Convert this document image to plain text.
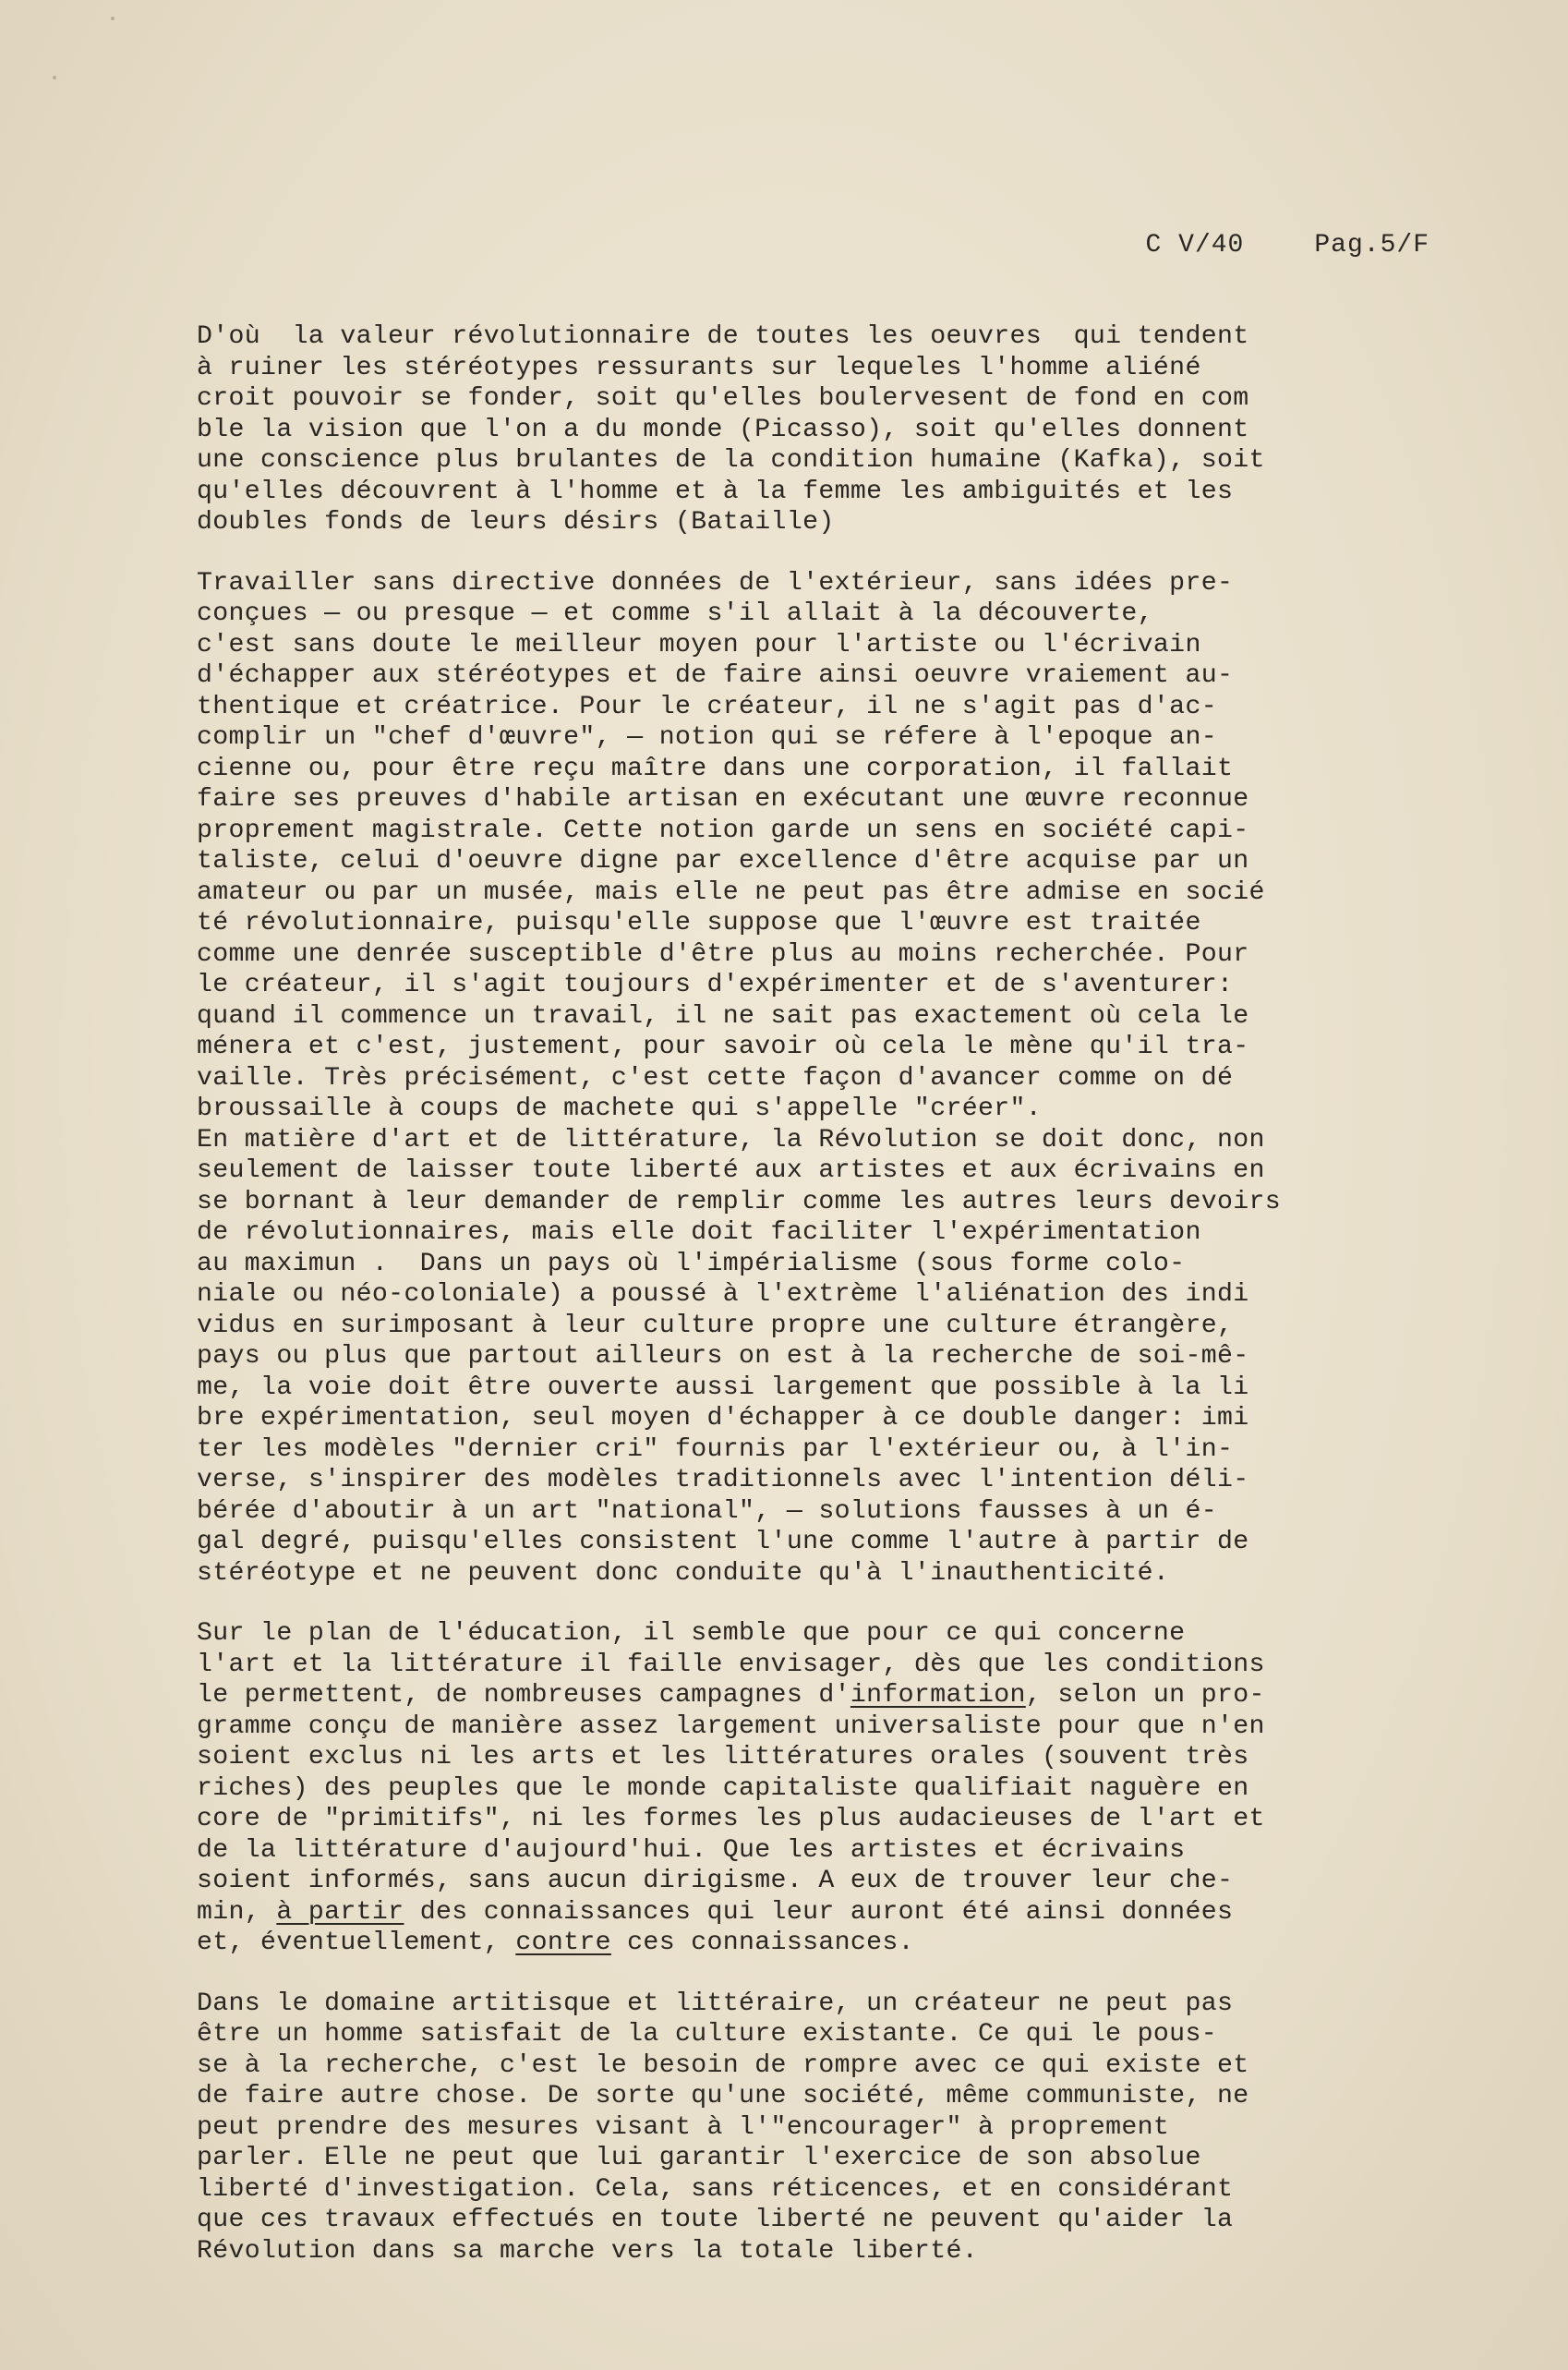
C V/40	Pag.5/F
D'où  la valeur révolutionnaire de toutes les oeuvres  qui tendent
à ruiner les stéréotypes ressurants sur lequeles l'homme aliéné
croit pouvoir se fonder, soit qu'elles boulervesent de fond en com
ble la vision que l'on a du monde (Picasso), soit qu'elles donnent
une conscience plus brulantes de la condition humaine (Kafka), soit
qu'elles découvrent à l'homme et à la femme les ambiguités et les
doubles fonds de leurs désirs (Bataille)
Travailler sans directive données de l'extérieur, sans idées pre-
conçues — ou presque — et comme s'il allait à la découverte,
c'est sans doute le meilleur moyen pour l'artiste ou l'écrivain
d'échapper aux stéréotypes et de faire ainsi oeuvre vraiement au-
thentique et créatrice. Pour le créateur, il ne s'agit pas d'ac-
complir un "chef d'œuvre", — notion qui se réfere à l'epoque an-
cienne ou, pour être reçu maître dans une corporation, il fallait
faire ses preuves d'habile artisan en exécutant une œuvre reconnue
proprement magistrale. Cette notion garde un sens en société capi-
taliste, celui d'oeuvre digne par excellence d'être acquise par un
amateur ou par un musée, mais elle ne peut pas être admise en socié
té révolutionnaire, puisqu'elle suppose que l'œuvre est traitée
comme une denrée susceptible d'être plus au moins recherchée. Pour
le créateur, il s'agit toujours d'expérimenter et de s'aventurer:
quand il commence un travail, il ne sait pas exactement où cela le
ménera et c'est, justement, pour savoir où cela le mène qu'il tra-
vaille. Très précisément, c'est cette façon d'avancer comme on dé
broussaille à coups de machete qui s'appelle "créer".
En matière d'art et de littérature, la Révolution se doit donc, non
seulement de laisser toute liberté aux artistes et aux écrivains en
se bornant à leur demander de remplir comme les autres leurs devoirs
de révolutionnaires, mais elle doit faciliter l'expérimentation
au maximun .  Dans un pays où l'impérialisme (sous forme colo-
niale ou néo-coloniale) a poussé à l'extrème l'aliénation des indi
vidus en surimposant à leur culture propre une culture étrangère,
pays ou plus que partout ailleurs on est à la recherche de soi-mê-
me, la voie doit être ouverte aussi largement que possible à la li
bre expérimentation, seul moyen d'échapper à ce double danger: imi
ter les modèles "dernier cri" fournis par l'extérieur ou, à l'in-
verse, s'inspirer des modèles traditionnels avec l'intention déli-
bérée d'aboutir à un art "national", — solutions fausses à un é-
gal degré, puisqu'elles consistent l'une comme l'autre à partir de
stéréotype et ne peuvent donc conduite qu'à l'inauthenticité.
Sur le plan de l'éducation, il semble que pour ce qui concerne
l'art et la littérature il faille envisager, dès que les conditions
le permettent, de nombreuses campagnes d'information, selon un pro-
gramme conçu de manière assez largement universaliste pour que n'en
soient exclus ni les arts et les littératures orales (souvent très
riches) des peuples que le monde capitaliste qualifiait naguère en
core de "primitifs", ni les formes les plus audacieuses de l'art et
de la littérature d'aujourd'hui. Que les artistes et écrivains
soient informés, sans aucun dirigisme. A eux de trouver leur che-
min, à partir des connaissances qui leur auront été ainsi données
et, éventuellement, contre ces connaissances.
Dans le domaine artitisque et littéraire, un créateur ne peut pas
être un homme satisfait de la culture existante. Ce qui le pous-
se à la recherche, c'est le besoin de rompre avec ce qui existe et
de faire autre chose. De sorte qu'une société, même communiste, ne
peut prendre des mesures visant à l'"encourager" à proprement
parler. Elle ne peut que lui garantir l'exercice de son absolue
liberté d'investigation. Cela, sans réticences, et en considérant
que ces travaux effectués en toute liberté ne peuvent qu'aider la
Révolution dans sa marche vers la totale liberté.
